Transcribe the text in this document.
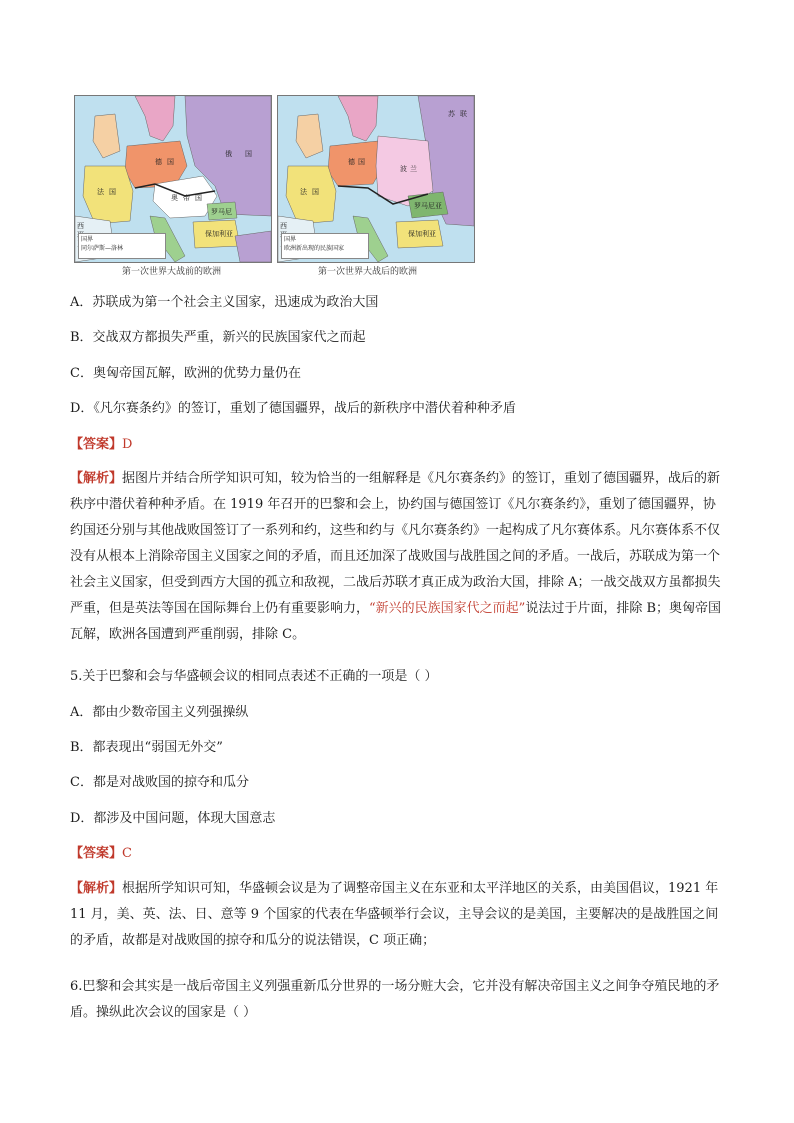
德 国
俄 国
法 国
奥 帝 国
罗马尼
保加利亚
西
国界
同尔萨斯—洛林
苏 联
德 国
波 兰
法 国
罗马尼亚
保加利亚
西
国界
欧洲新出现的民族国家
第一次世界大战前的欧洲	第一次世界大战后的欧洲
A．苏联成为第一个社会主义国家，迅速成为政治大国
B．交战双方都损失严重，新兴的民族国家代之而起
C．奥匈帝国瓦解，欧洲的优势力量仍在
D．《凡尔赛条约》的签订，重划了德国疆界，战后的新秩序中潜伏着种种矛盾
【答案】D
【解析】据图片并结合所学知识可知，较为恰当的一组解释是《凡尔赛条约》的签订，重划了德国疆界，战后的新秩序中潜伏着种种矛盾。在 1919 年召开的巴黎和会上，协约国与德国签订《凡尔赛条约》，重划了德国疆界，协约国还分别与其他战败国签订了一系列和约，这些和约与《凡尔赛条约》一起构成了凡尔赛体系。凡尔赛体系不仅没有从根本上消除帝国主义国家之间的矛盾，而且还加深了战败国与战胜国之间的矛盾。一战后，苏联成为第一个社会主义国家，但受到西方大国的孤立和敌视，二战后苏联才真正成为政治大国，排除 A；一战交战双方虽都损失严重，但是英法等国在国际舞台上仍有重要影响力，“新兴的民族国家代之而起”说法过于片面，排除 B；奥匈帝国瓦解，欧洲各国遭到严重削弱，排除 C。
5.关于巴黎和会与华盛顿会议的相同点表述不正确的一项是（ ）
A．都由少数帝国主义列强操纵
B．都表现出“弱国无外交”
C．都是对战败国的掠夺和瓜分
D．都涉及中国问题，体现大国意志
【答案】C
【解析】根据所学知识可知，华盛顿会议是为了调整帝国主义在东亚和太平洋地区的关系，由美国倡议，1921 年 11 月，美、英、法、日、意等 9 个国家的代表在华盛顿举行会议，主导会议的是美国，主要解决的是战胜国之间的矛盾，故都是对战败国的掠夺和瓜分的说法错误，C 项正确；
6.巴黎和会其实是一战后帝国主义列强重新瓜分世界的一场分赃大会，它并没有解决帝国主义之间争夺殖民地的矛盾。操纵此次会议的国家是（ ）
